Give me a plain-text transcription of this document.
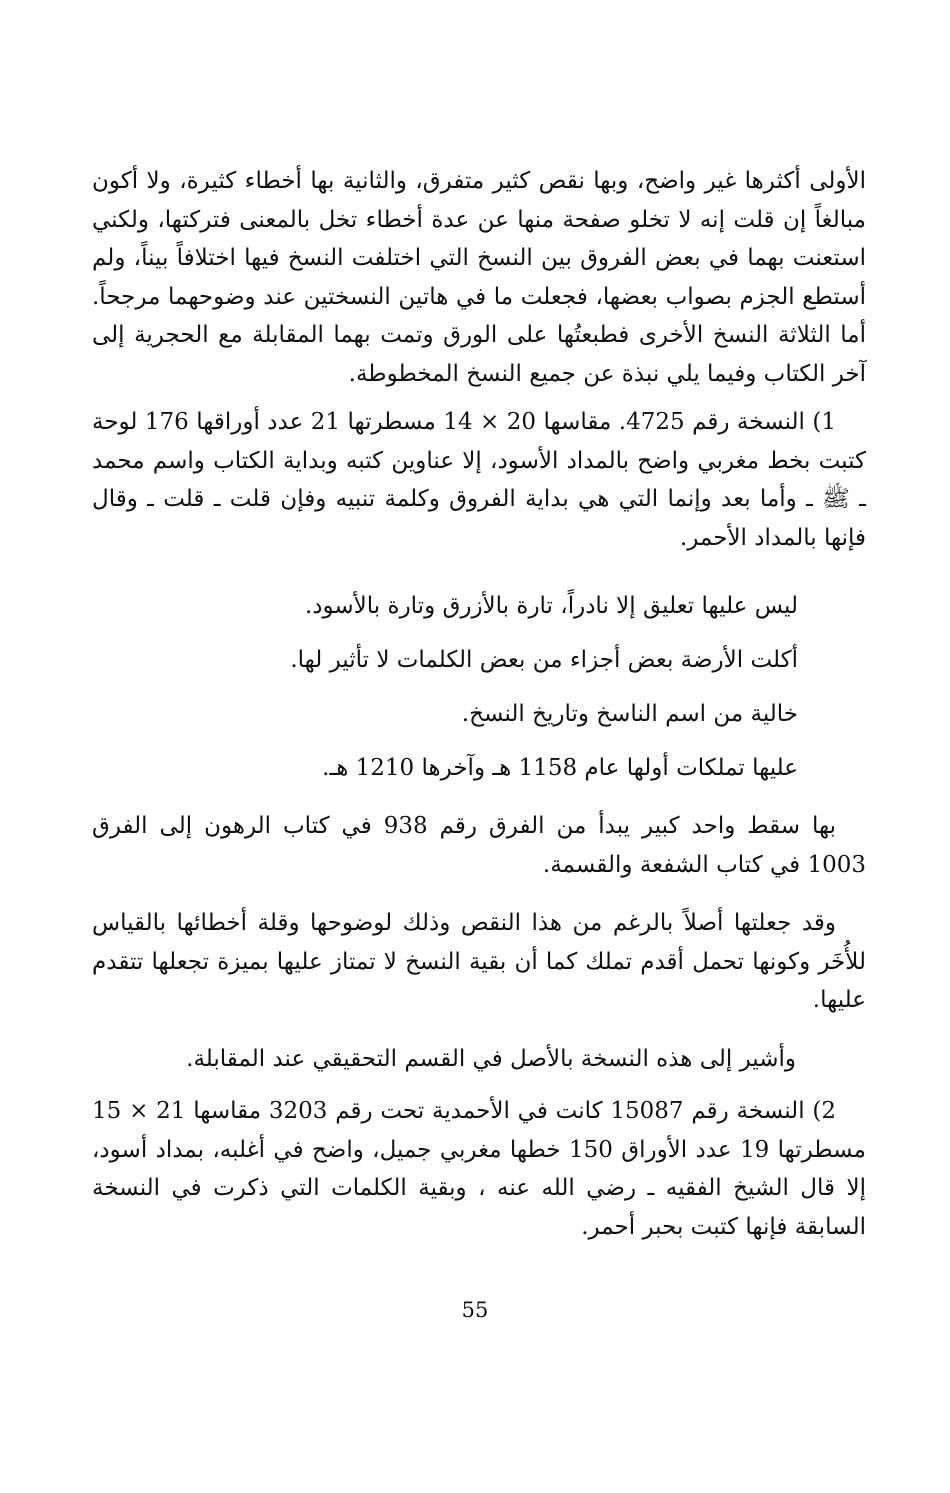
الأولى أكثرها غير واضح، وبها نقص كثير متفرق، والثانية بها أخطاء كثيرة، ولا أكون مبالغاً إن قلت إنه لا تخلو صفحة منها عن عدة أخطاء تخل بالمعنى فتركتها، ولكني استعنت بهما في بعض الفروق بين النسخ التي اختلفت النسخ فيها اختلافاً بيناً، ولم أستطع الجزم بصواب بعضها، فجعلت ما في هاتين النسختين عند وضوحهما مرجحاً. أما الثلاثة النسخ الأخرى فطبعتُها على الورق وتمت بهما المقابلة مع الحجرية إلى آخر الكتاب وفيما يلي نبذة عن جميع النسخ المخطوطة.

1) النسخة رقم 4725. مقاسها 20 × 14 مسطرتها 21 عدد أوراقها 176 لوحة كتبت بخط مغربي واضح بالمداد الأسود، إلا عناوين كتبه وبداية الكتاب واسم محمد ـ ﷺ ـ وأما بعد وإنما التي هي بداية الفروق وكلمة تنبيه وفإن قلت ـ قلت ـ وقال فإنها بالمداد الأحمر.

ليس عليها تعليق إلا نادراً، تارة بالأزرق وتارة بالأسود.
أكلت الأرضة بعض أجزاء من بعض الكلمات لا تأثير لها.
خالية من اسم الناسخ وتاريخ النسخ.
عليها تملكات أولها عام 1158 هـ وآخرها 1210 هـ.

بها سقط واحد كبير يبدأ من الفرق رقم 938 في كتاب الرهون إلى الفرق 1003 في كتاب الشفعة والقسمة.

وقد جعلتها أصلاً بالرغم من هذا النقص وذلك لوضوحها وقلة أخطائها بالقياس للأُخَر وكونها تحمل أقدم تملك كما أن بقية النسخ لا تمتاز عليها بميزة تجعلها تتقدم عليها.

وأشير إلى هذه النسخة بالأصل في القسم التحقيقي عند المقابلة.

2) النسخة رقم 15087 كانت في الأحمدية تحت رقم 3203 مقاسها 21 × 15 مسطرتها 19 عدد الأوراق 150 خطها مغربي جميل، واضح في أغلبه، بمداد أسود، إلا قال الشيخ الفقيه ـ رضي الله عنه ، وبقية الكلمات التي ذكرت في النسخة السابقة فإنها كتبت بحبر أحمر.

55
